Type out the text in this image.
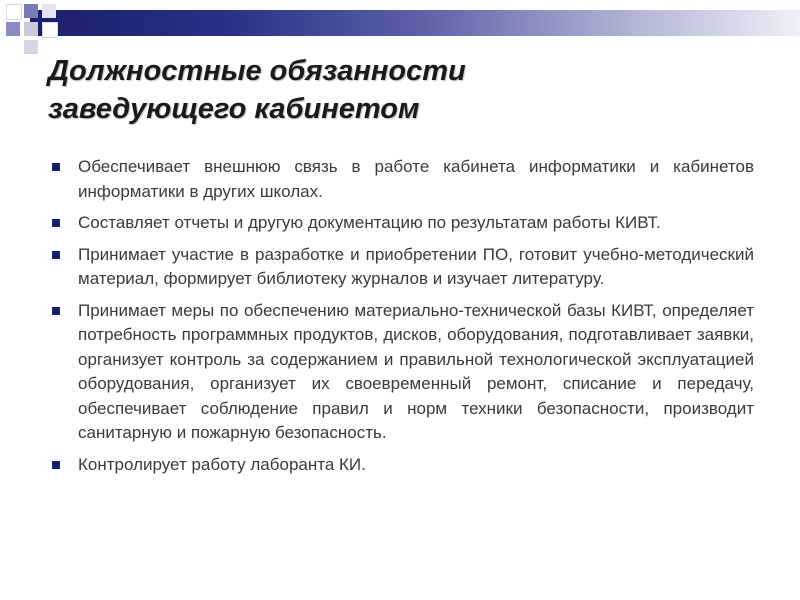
Должностные обязанности
заведующего кабинетом
Обеспечивает внешнюю связь в работе кабинета информатики и кабинетов информатики в других школах.
Составляет отчеты и другую документацию по результатам работы КИВТ.
Принимает участие в разработке и приобретении ПО, готовит учебно-методический материал, формирует библиотеку журналов и изучает литературу.
Принимает меры по обеспечению материально-технической базы КИВТ, определяет потребность программных продуктов, дисков, оборудования, подготавливает заявки, организует контроль за содержанием и правильной технологической эксплуатацией оборудования, организует их своевременный ремонт, списание и передачу, обеспечивает соблюдение правил и норм техники безопасности, производит санитарную и пожарную безопасность.
Контролирует работу лаборанта КИ.
